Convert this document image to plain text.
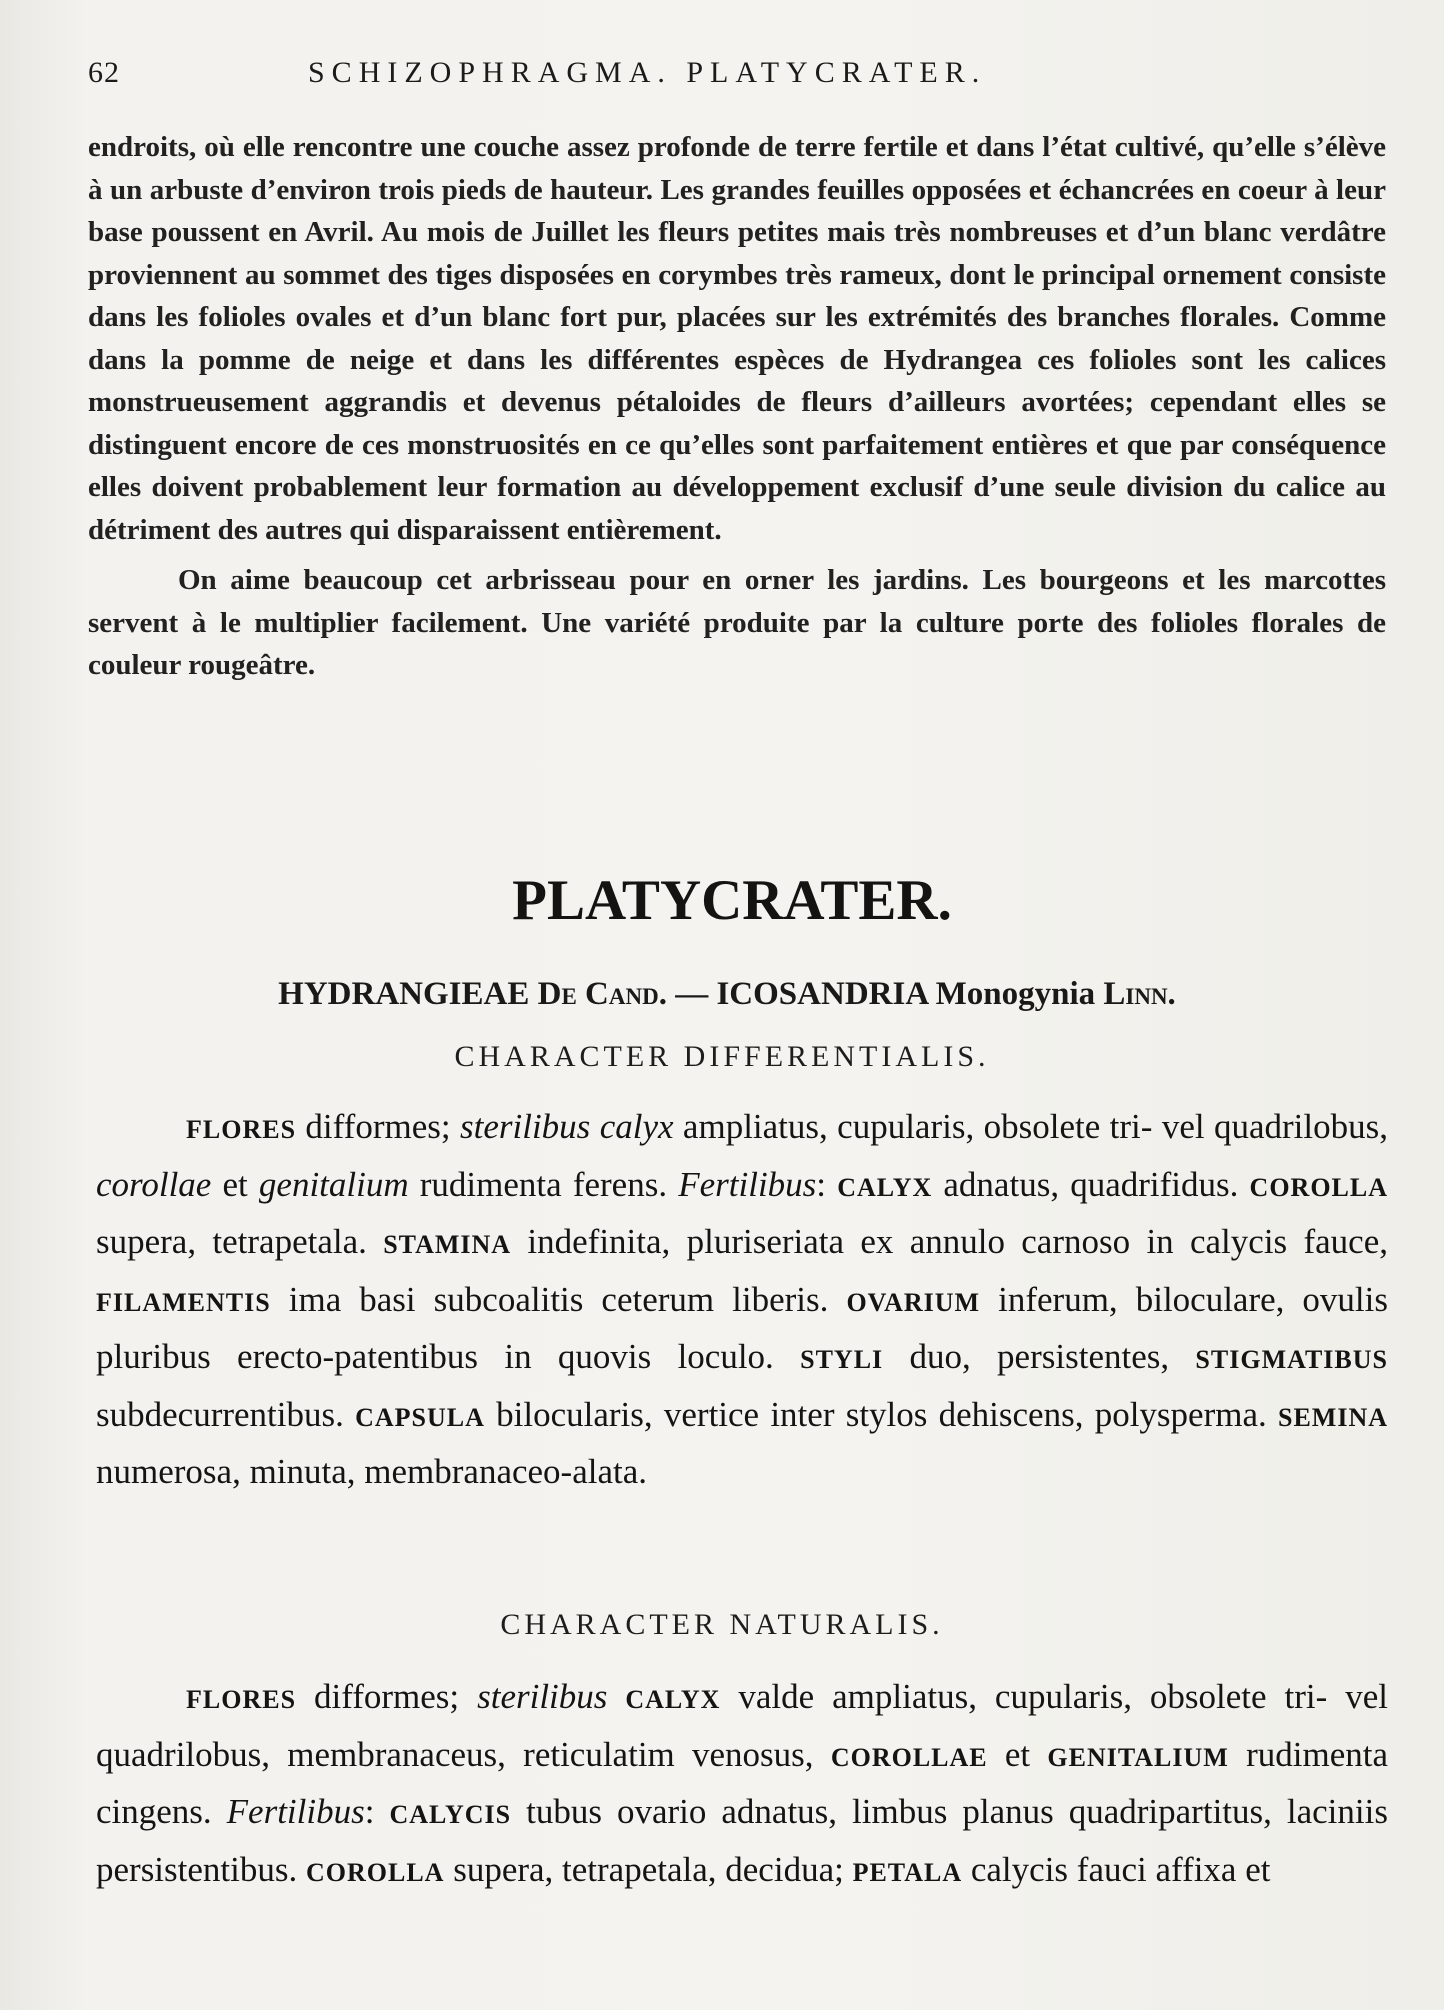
62	SCHIZOPHRAGMA. PLATYCRATER.

endroits, où elle rencontre une couche assez profonde de terre fertile et dans l’état cultivé, qu’elle s’élève à un arbuste d’environ trois pieds de hauteur. Les grandes feuilles opposées et échancrées en coeur à leur base poussent en Avril. Au mois de Juillet les fleurs petites mais très nombreuses et d’un blanc verdâtre proviennent au sommet des tiges disposées en corymbes très rameux, dont le principal ornement consiste dans les folioles ovales et d’un blanc fort pur, placées sur les extrémités des branches florales. Comme dans la pomme de neige et dans les différentes espèces de Hydrangea ces folioles sont les calices monstrueusement aggrandis et devenus pétaloides de fleurs d’ailleurs avortées; cependant elles se distinguent encore de ces monstruosités en ce qu’elles sont parfaitement entières et que par conséquence elles doivent probablement leur formation au développement exclusif d’une seule division du calice au détriment des autres qui disparaissent entièrement.

On aime beaucoup cet arbrisseau pour en orner les jardins. Les bourgeons et les marcottes servent à le multiplier facilement. Une variété produite par la culture porte des folioles florales de couleur rougeâtre.

PLATYCRATER.
HYDRANGIEAE De Cand. — ICOSANDRIA Monogynia Linn.
CHARACTER DIFFERENTIALIS.

FLORES difformes; sterilibus calyx ampliatus, cupularis, obsolete tri- vel quadrilobus, corollae et genitalium rudimenta ferens. Fertilibus: CALYX adnatus, quadrifidus. COROLLA supera, tetrapetala. STAMINA indefinita, pluriseriata ex annulo carnoso in calycis fauce, FILAMENTIS ima basi subcoalitis ceterum liberis. OVARIUM inferum, biloculare, ovulis pluribus erecto-patentibus in quovis loculo. STYLI duo, persistentes, STIGMATIBUS subdecurrentibus. CAPSULA bilocularis, vertice inter stylos dehiscens, polysperma. SEMINA numerosa, minuta, membranaceo-alata.

CHARACTER NATURALIS.

FLORES difformes; sterilibus CALYX valde ampliatus, cupularis, obsolete tri- vel quadrilobus, membranaceus, reticulatim venosus, COROLLAE et GENITALIUM rudimenta cingens. Fertilibus: CALYCIS tubus ovario adnatus, limbus planus quadripartitus, laciniis persistentibus. COROLLA supera, tetrapetala, decidua; PETALA calycis fauci affixa et
